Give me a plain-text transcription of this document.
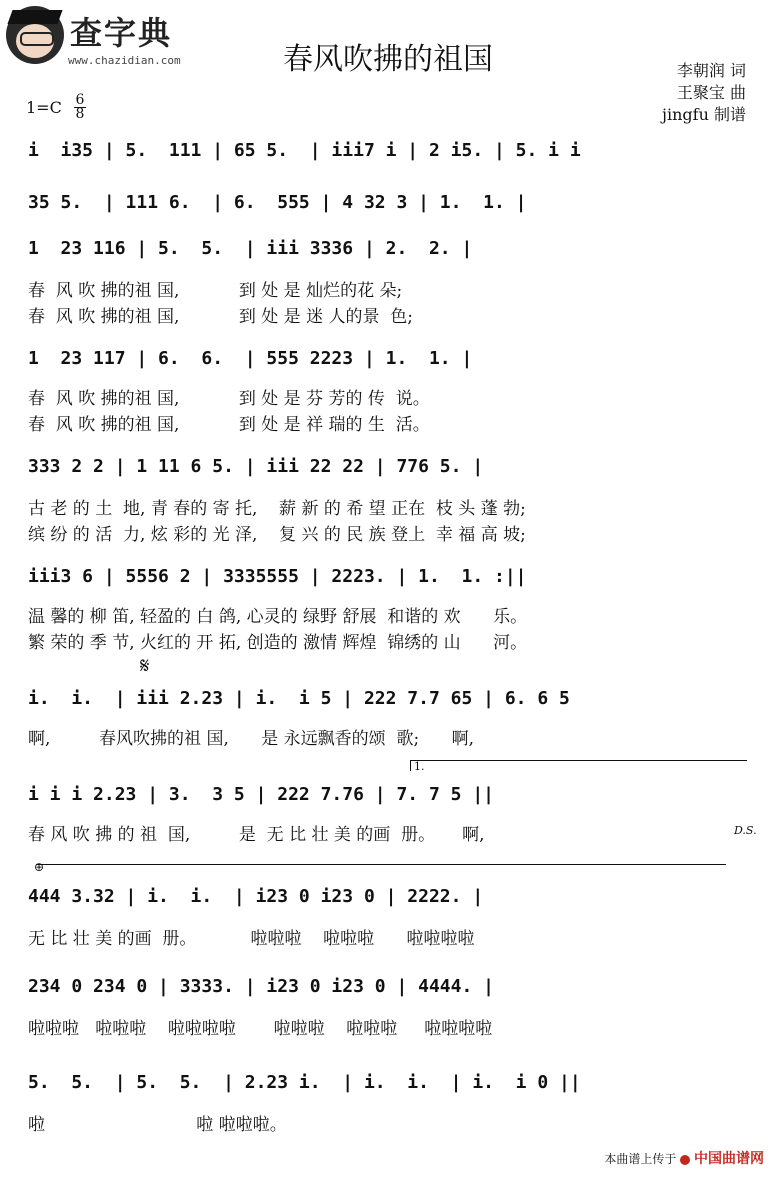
查字典
www.chazidian.com	春风吹拂的祖国	李朝润 词
王聚宝 曲
jingfu 制谱
1=C 6
8
i  i35 | 5.  111 | 65 5.  | iii7 i | 2 i5. | 5. i i
35 5.  | 111 6.  | 6.  555 | 4 32 3 | 1.  1. |
1  23 116 | 5.  5.  | iii 3336 | 2.  2. |
春  风 吹 拂的祖 国,           到 处 是 灿烂的花 朵;
春  风 吹 拂的祖 国,           到 处 是 迷 人的景  色;
1  23 117 | 6.  6.  | 555 2223 | 1.  1. |
春  风 吹 拂的祖 国,           到 处 是 芬 芳的 传  说。
春  风 吹 拂的祖 国,           到 处 是 祥 瑞的 生  活。
333 2 2 | 1 11 6 5. | iii 22 22 | 776 5. |
古 老 的 土  地, 青 春的 寄 托,    薪 新 的 希 望 正在  枝 头 蓬 勃;
缤 纷 的 活  力, 炫 彩的 光 泽,    复 兴 的 民 族 登上  幸 福 高 坡;
iii3 6 | 5556 2 | 3335555 | 2223. | 1.  1. :||
温 馨的 柳 笛, 轻盈的 白 鸽, 心灵的 绿野 舒展  和谐的 欢      乐。
繁 荣的 季 节, 火红的 开 拓, 创造的 激情 辉煌  锦绣的 山      河。
𝄋
i.  i.  | iii 2.23 | i.  i 5 | 222 7.7 65 | 6. 6 5
啊,         春风吹拂的祖 国,      是 永远飘香的颂  歌;      啊,
1.
i i i 2.23 | 3.  3 5 | 222 7.76 | 7. 7 5 ||
春 风 吹 拂 的 祖  国,         是  无 比 壮 美 的画  册。     啊,	D.S.
⊕
444 3.32 | i.  i.  | i23 0 i23 0 | 2222. |
无 比 壮 美 的画  册。          啦啦啦    啦啦啦      啦啦啦啦
234 0 234 0 | 3333. | i23 0 i23 0 | 4444. |
啦啦啦   啦啦啦    啦啦啦啦       啦啦啦    啦啦啦     啦啦啦啦
5.  5.  | 5.  5.  | 2.23 i.  | i.  i.  | i.  i 0 ||
啦                            啦 啦啦啦。
本曲谱上传于 中国曲谱网
